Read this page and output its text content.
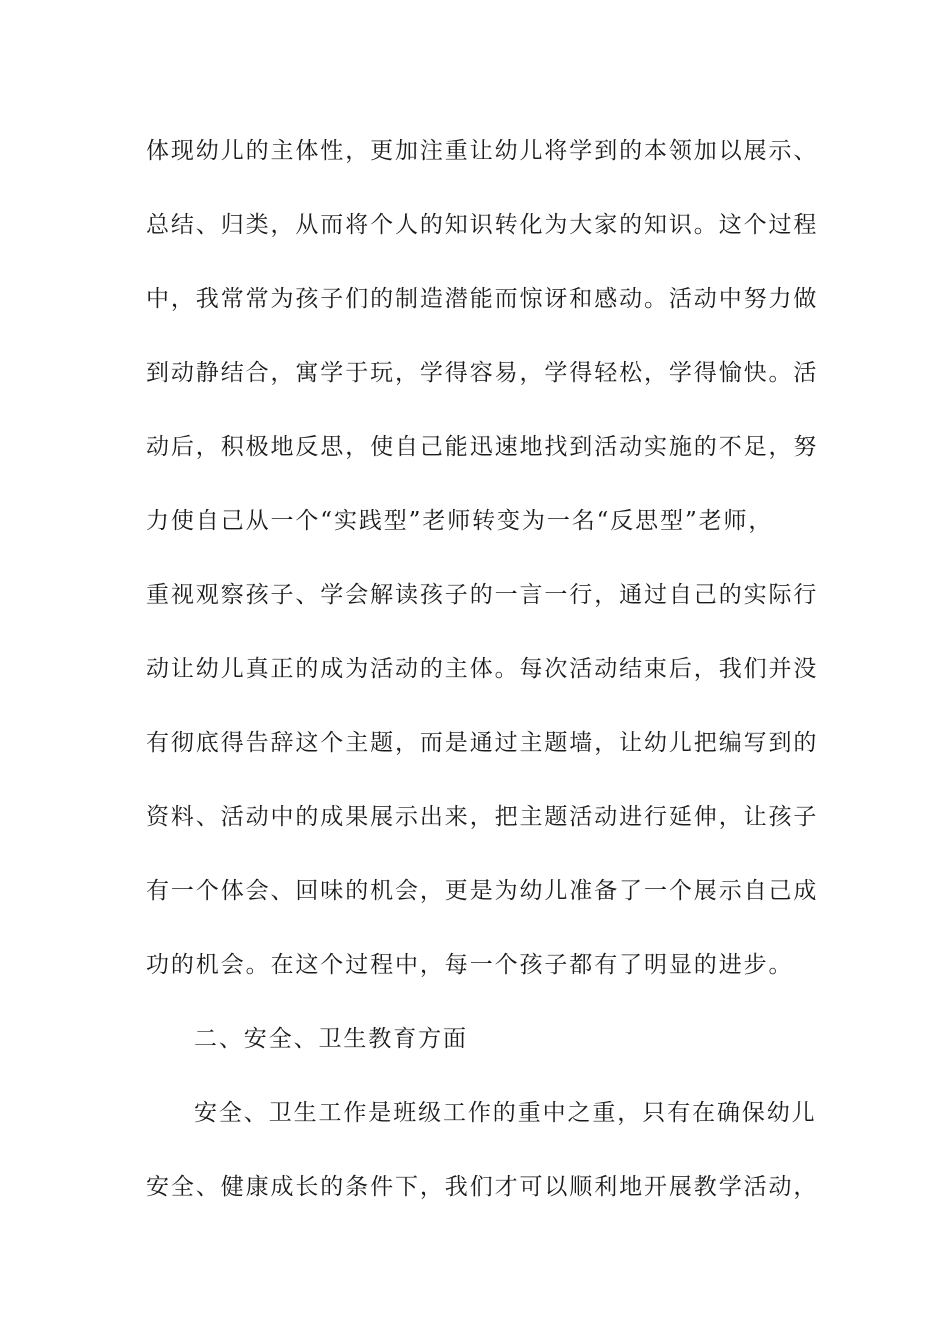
体现幼儿的主体性，更加注重让幼儿将学到的本领加以展示、
总结、归类，从而将个人的知识转化为大家的知识。这个过程
中，我常常为孩子们的制造潜能而惊讶和感动。活动中努力做
到动静结合，寓学于玩，学得容易，学得轻松，学得愉快。活
动后，积极地反思，使自己能迅速地找到活动实施的不足，努
力使自己从一个“实践型”老师转变为一名“反思型”老师，
重视观察孩子、学会解读孩子的一言一行，通过自己的实际行
动让幼儿真正的成为活动的主体。每次活动结束后，我们并没
有彻底得告辞这个主题，而是通过主题墙，让幼儿把编写到的
资料、活动中的成果展示出来，把主题活动进行延伸，让孩子
有一个体会、回味的机会，更是为幼儿准备了一个展示自己成
功的机会。在这个过程中，每一个孩子都有了明显的进步。
二、安全、卫生教育方面
安全、卫生工作是班级工作的重中之重，只有在确保幼儿
安全、健康成长的条件下，我们才可以顺利地开展教学活动，
